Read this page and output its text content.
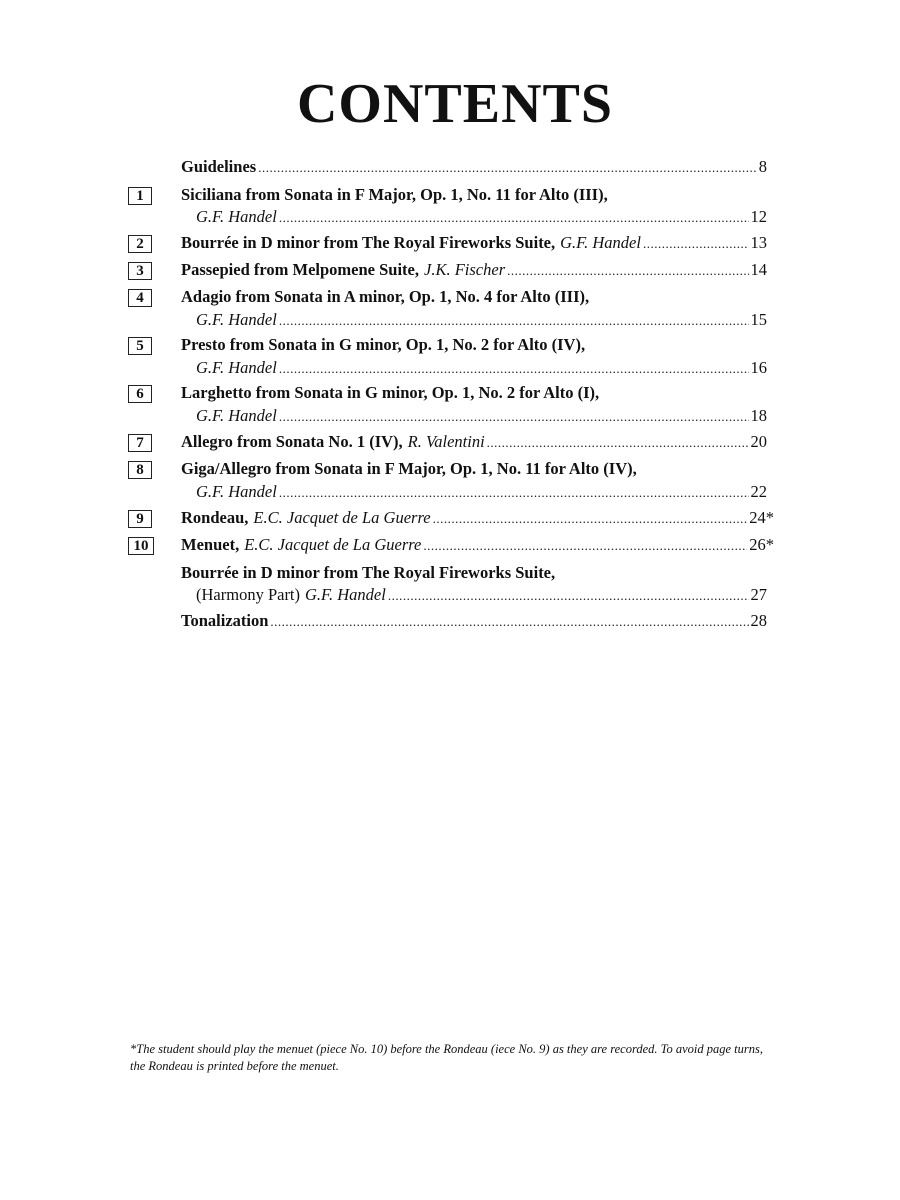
CONTENTS
Guidelines .....	8
1	Siciliana from Sonata in F Major, Op. 1, No. 11 for Alto (III),
G.F. Handel .....	12
2	Bourrée in D minor from The Royal Fireworks Suite, G.F. Handel .....	13
3	Passepied from Melpomene Suite, J.K. Fischer .....	14
4	Adagio from Sonata in A minor, Op. 1, No. 4 for Alto (III),
G.F. Handel .....	15
5	Presto from Sonata in G minor, Op. 1, No. 2 for Alto (IV),
G.F. Handel .....	16
6	Larghetto from Sonata in G minor, Op. 1, No. 2 for Alto (I),
G.F. Handel .....	18
7	Allegro from Sonata No. 1 (IV), R. Valentini .....	20
8	Giga/Allegro from Sonata in F Major, Op. 1, No. 11 for Alto (IV),
G.F. Handel .....	22
9	Rondeau, E.C. Jacquet de La Guerre .....	24*
10	Menuet, E.C. Jacquet de La Guerre .....	26*
Bourrée in D minor from The Royal Fireworks Suite,
(Harmony Part) G.F. Handel .....	27
Tonalization .....	28
*The student should play the menuet (piece No. 10) before the Rondeau (iece No. 9) as they are recorded. To avoid page turns, the Rondeau is printed before the menuet.
